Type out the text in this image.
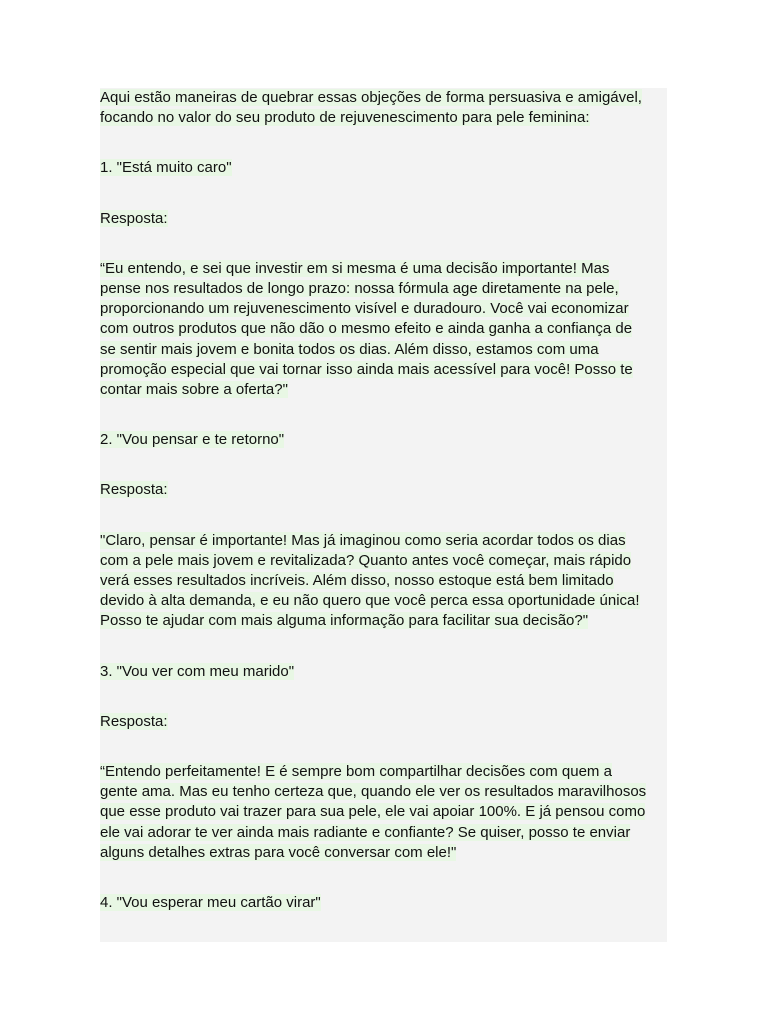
Aqui estão maneiras de quebrar essas objeções de forma persuasiva e amigável,
focando no valor do seu produto de rejuvenescimento para pele feminina:

1. "Está muito caro"

Resposta:

“Eu entendo, e sei que investir em si mesma é uma decisão importante! Mas
pense nos resultados de longo prazo: nossa fórmula age diretamente na pele,
proporcionando um rejuvenescimento visível e duradouro. Você vai economizar
com outros produtos que não dão o mesmo efeito e ainda ganha a confiança de
se sentir mais jovem e bonita todos os dias. Além disso, estamos com uma
promoção especial que vai tornar isso ainda mais acessível para você! Posso te
contar mais sobre a oferta?"

2. "Vou pensar e te retorno"

Resposta:

"Claro, pensar é importante! Mas já imaginou como seria acordar todos os dias
com a pele mais jovem e revitalizada? Quanto antes você começar, mais rápido
verá esses resultados incríveis. Além disso, nosso estoque está bem limitado
devido à alta demanda, e eu não quero que você perca essa oportunidade única!
Posso te ajudar com mais alguma informação para facilitar sua decisão?"

3. "Vou ver com meu marido"

Resposta:

“Entendo perfeitamente! E é sempre bom compartilhar decisões com quem a
gente ama. Mas eu tenho certeza que, quando ele ver os resultados maravilhosos
que esse produto vai trazer para sua pele, ele vai apoiar 100%. E já pensou como
ele vai adorar te ver ainda mais radiante e confiante? Se quiser, posso te enviar
alguns detalhes extras para você conversar com ele!"

4. "Vou esperar meu cartão virar"
